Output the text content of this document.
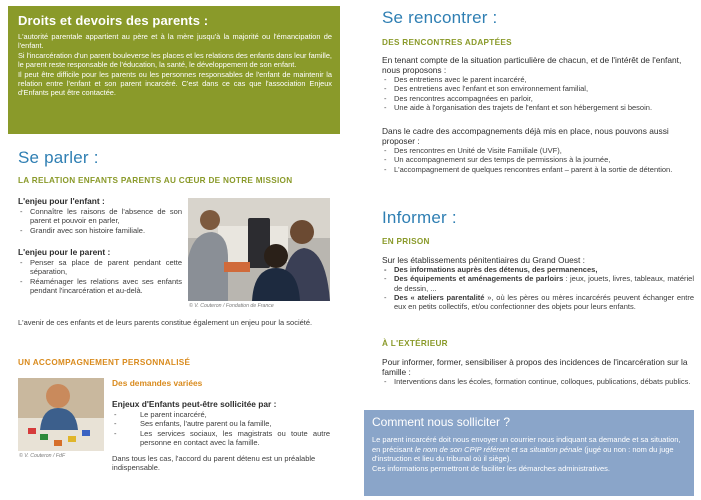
Droits et devoirs des parents :

L'autorité parentale appartient au père et à la mère jusqu'à la majorité ou l'émancipation de l'enfant.

Si l'incarcération d'un parent bouleverse les places et les relations des enfants dans leur famille, le parent reste responsable de l'éducation, la santé, le développement de son enfant.

Il peut être difficile pour les parents ou les personnes responsables de l'enfant de maintenir la relation entre l'enfant et son parent incarcéré. C'est dans ce cas que l'association Enjeux d'Enfants peut être contactée.

Se parler :
LA RELATION ENFANTS PARENTS AU CŒUR DE NOTRE MISSION
L'enjeu pour l'enfant :
- Connaître les raisons de l'absence de son parent et pouvoir en parler,
- Grandir avec son histoire familiale.
L'enjeu pour le parent :
- Penser sa place de parent pendant cette séparation,
- Réaménager les relations avec ses enfants pendant l'incarcération et au-delà.
© V. Couteron / Fondation de France
L'avenir de ces enfants et de leurs parents constitue également un enjeu pour la société.
UN ACCOMPAGNEMENT PERSONNALISÉ
© V. Couteron / FdF
Des demandes variées
Enjeux d'Enfants peut-être sollicitée par :
- Le parent incarcéré,
- Ses enfants, l'autre parent ou la famille,
- Les services sociaux, les magistrats ou toute autre personne en contact avec la famille.
Dans tous les cas, l'accord du parent détenu est un préalable indispensable.
Se rencontrer :
DES RENCONTRES ADAPTÉES
En tenant compte de la situation particulière de chacun, et de l'intérêt de l'enfant, nous proposons :
- Des entretiens avec le parent incarcéré,
- Des entretiens avec l'enfant et son environnement familial,
- Des rencontres accompagnées en parloir,
- Une aide à l'organisation des trajets de l'enfant et son hébergement si besoin.
Dans le cadre des accompagnements déjà mis en place, nous pouvons aussi proposer :
- Des rencontres en Unité de Visite Familiale (UVF),
- Un accompagnement sur des temps de permissions à la journée,
- L'accompagnement de quelques rencontres enfant – parent à la sortie de détention.
Informer :
EN PRISON
Sur les établissements pénitentiaires du Grand Ouest :
- Des informations auprès des détenus, des permanences,
- Des équipements et aménagements de parloirs : jeux, jouets, livres, tableaux, matériel de dessin, ...
- Des « ateliers parentalité », où les pères ou mères incarcérés peuvent échanger entre eux en petits collectifs, et/ou confectionner des objets pour leurs enfants.
À L'EXTÉRIEUR
Pour informer, former, sensibiliser à propos des incidences de l'incarcération sur la famille :
- Interventions dans les écoles, formation continue, colloques, publications, débats publics.
Comment nous solliciter ?

Le parent incarcéré doit nous envoyer un courrier nous indiquant sa demande et sa situation, en précisant le nom de son CPIP référent et sa situation pénale (jugé ou non : nom du juge d'instruction et lieu du tribunal où il siège).

Ces informations permettront de faciliter les démarches administratives.
